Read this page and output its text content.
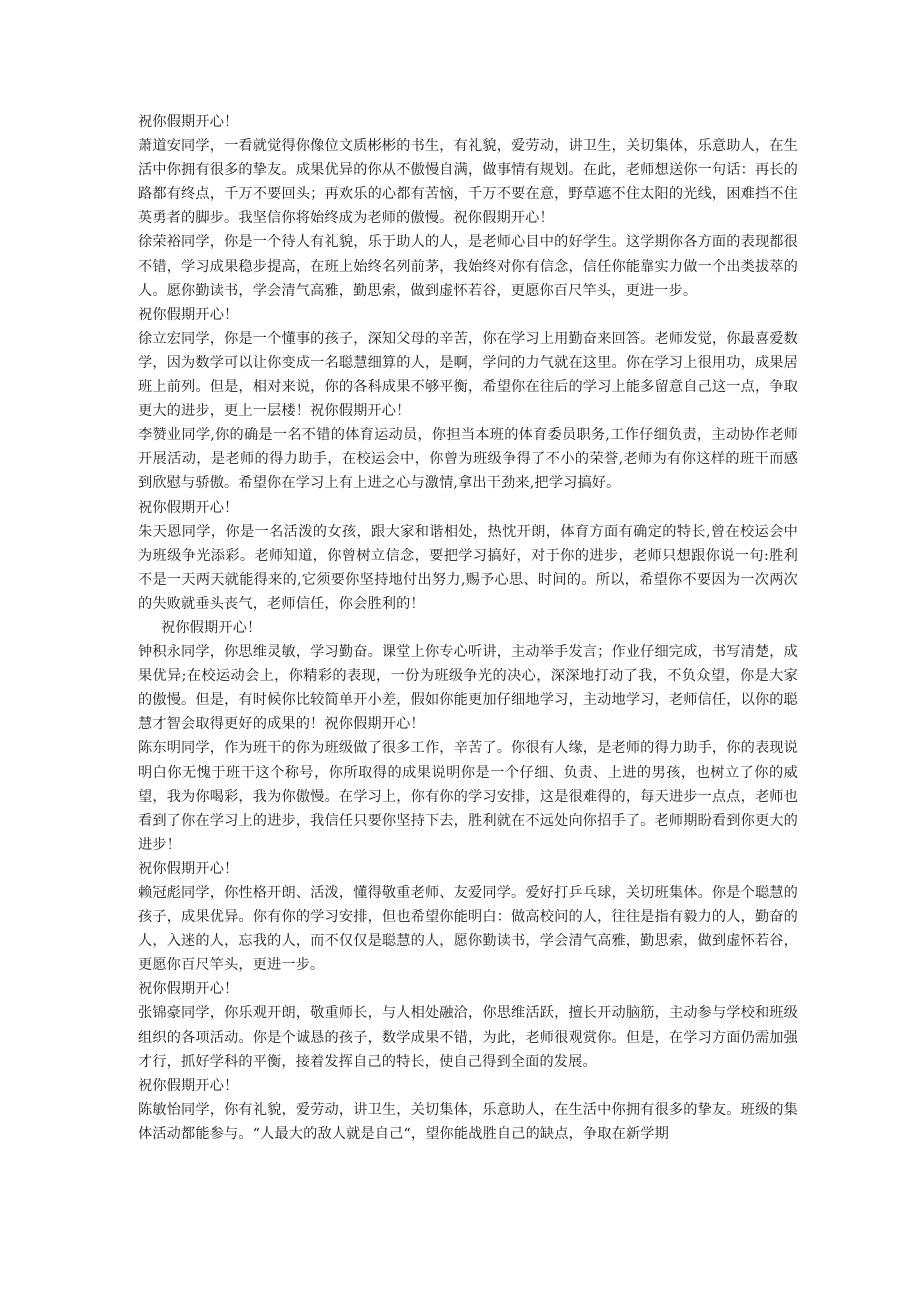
祝你假期开心！

萧道安同学，一看就觉得你像位文质彬彬的书生，有礼貌，爱劳动，讲卫生，关切集体，乐意助人，在生活中你拥有很多的挚友。成果优异的你从不傲慢自满，做事情有规划。在此，老师想送你一句话：再长的路都有终点，千万不要回头；再欢乐的心都有苦恼，千万不要在意，野草遮不住太阳的光线，困难挡不住英勇者的脚步。我坚信你将始终成为老师的傲慢。祝你假期开心！

徐荣裕同学，你是一个待人有礼貌，乐于助人的人，是老师心目中的好学生。这学期你各方面的表现都很不错，学习成果稳步提高，在班上始终名列前茅，我始终对你有信念，信任你能靠实力做一个出类拔萃的人。愿你勤读书，学会清气高雅，勤思索，做到虚怀若谷，更愿你百尺竿头，更进一步。

祝你假期开心！

徐立宏同学，你是一个懂事的孩子，深知父母的辛苦，你在学习上用勤奋来回答。老师发觉，你最喜爱数学，因为数学可以让你变成一名聪慧细算的人，是啊，学问的力气就在这里。你在学习上很用功，成果居班上前列。但是，相对来说，你的各科成果不够平衡，希望你在往后的学习上能多留意自己这一点，争取更大的进步，更上一层楼！祝你假期开心！

李赞业同学,你的确是一名不错的体育运动员，你担当本班的体育委员职务,工作仔细负责，主动协作老师开展活动，是老师的得力助手，在校运会中，你曾为班级争得了不小的荣誉,老师为有你这样的班干而感到欣慰与骄傲。希望你在学习上有上进之心与激情,拿出干劲来,把学习搞好。

祝你假期开心！

朱天恩同学，你是一名活泼的女孩，跟大家和谐相处，热忱开朗，体育方面有确定的特长,曾在校运会中为班级争光添彩。老师知道，你曾树立信念，要把学习搞好，对于你的进步，老师只想跟你说一句:胜利不是一天两天就能得来的,它须要你坚持地付出努力,赐予心思、时间的。所以，希望你不要因为一次两次的失败就垂头丧气，老师信任，你会胜利的！

祝你假期开心！

钟积永同学，你思维灵敏，学习勤奋。课堂上你专心听讲，主动举手发言；作业仔细完成，书写清楚，成果优异;在校运动会上，你精彩的表现，一份为班级争光的决心，深深地打动了我，不负众望，你是大家的傲慢。但是，有时候你比较简单开小差，假如你能更加仔细地学习，主动地学习，老师信任，以你的聪慧才智会取得更好的成果的！祝你假期开心！

陈东明同学，作为班干的你为班级做了很多工作，辛苦了。你很有人缘，是老师的得力助手，你的表现说明白你无愧于班干这个称号，你所取得的成果说明你是一个仔细、负责、上进的男孩，也树立了你的威望，我为你喝彩，我为你傲慢。在学习上，你有你的学习安排，这是很难得的，每天进步一点点，老师也看到了你在学习上的进步，我信任只要你坚持下去，胜利就在不远处向你招手了。老师期盼看到你更大的进步！

祝你假期开心！

赖冠彪同学，你性格开朗、活泼，懂得敬重老师、友爱同学。爱好打乒乓球，关切班集体。你是个聪慧的孩子，成果优异。你有你的学习安排，但也希望你能明白：做高校问的人，往往是指有毅力的人，勤奋的人，入迷的人，忘我的人，而不仅仅是聪慧的人，愿你勤读书，学会清气高雅，勤思索，做到虚怀若谷，更愿你百尺竿头，更进一步。

祝你假期开心！

张锦豪同学，你乐观开朗，敬重师长，与人相处融洽，你思维活跃，擅长开动脑筋，主动参与学校和班级组织的各项活动。你是个诚恳的孩子，数学成果不错，为此，老师很观赏你。但是，在学习方面仍需加强才行，抓好学科的平衡，接着发挥自己的特长，使自己得到全面的发展。

祝你假期开心！

陈敏怡同学，你有礼貌，爱劳动，讲卫生，关切集体，乐意助人，在生活中你拥有很多的挚友。班级的集体活动都能参与。“人最大的敌人就是自己“，望你能战胜自己的缺点，争取在新学期
